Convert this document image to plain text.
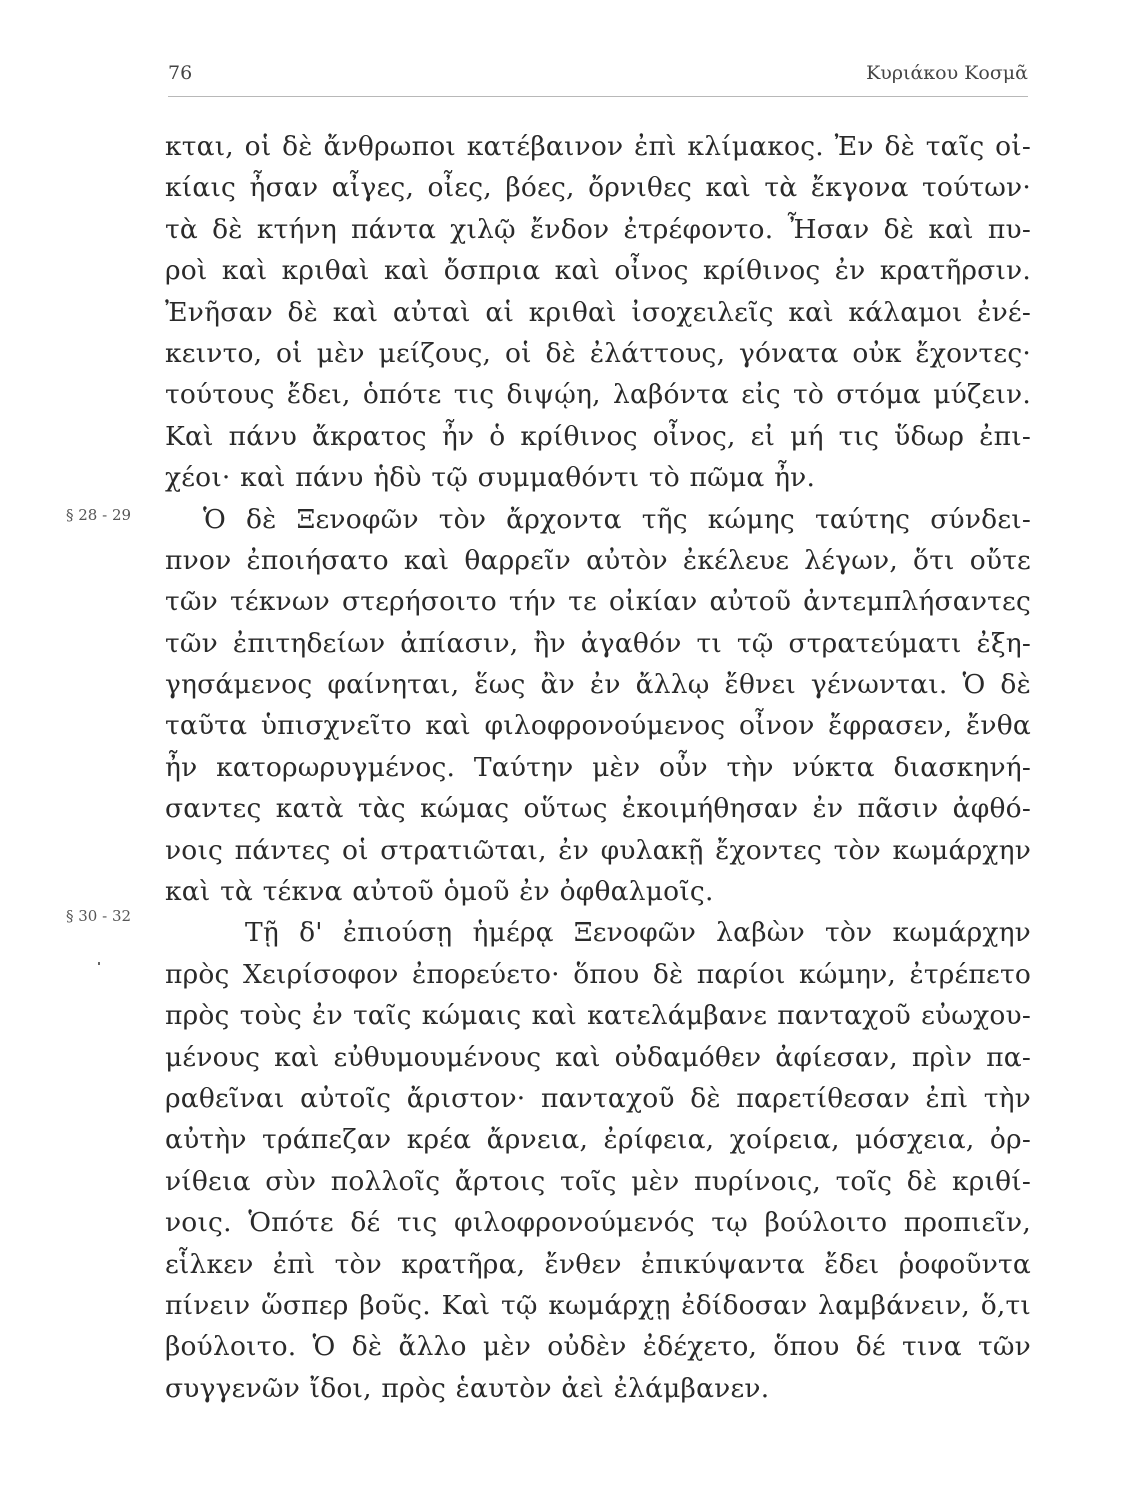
76	Κυριάκου Κοσμᾶ
§ 28 - 29
§ 30 - 32
κται, οἱ δὲ ἄνθρωποι κατέβαινον ἐπὶ κλίμακος. Ἐν δὲ ταῖς οἰ-
κίαις ἦσαν αἶγες, οἶες, βόες, ὄρνιθες καὶ τὰ ἔκγονα τούτων·
τὰ δὲ κτήνη πάντα χιλῷ ἔνδον ἐτρέφοντο. Ἦσαν δὲ καὶ πυ-
ροὶ καὶ κριθαὶ καὶ ὄσπρια καὶ οἶνος κρίθινος ἐν κρατῆρσιν.
Ἐνῆσαν δὲ καὶ αὐταὶ αἱ κριθαὶ ἰσοχειλεῖς καὶ κάλαμοι ἐνέ-
κειντο, οἱ μὲν μείζους, οἱ δὲ ἐλάττους, γόνατα οὐκ ἔχοντες·
τούτους ἔδει, ὁπότε τις διψῴη, λαβόντα εἰς τὸ στόμα μύζειν.
Καὶ πάνυ ἄκρατος ἦν ὁ κρίθινος οἶνος, εἰ μή τις ὕδωρ ἐπι-
χέοι· καὶ πάνυ ἡδὺ τῷ συμμαθόντι τὸ πῶμα ἦν.
Ὁ δὲ Ξενοφῶν τὸν ἄρχοντα τῆς κώμης ταύτης σύνδει-
πνον ἐποιήσατο καὶ θαρρεῖν αὐτὸν ἐκέλευε λέγων, ὅτι οὔτε
τῶν τέκνων στερήσοιτο τήν τε οἰκίαν αὐτοῦ ἀντεμπλήσαντες
τῶν ἐπιτηδείων ἀπίασιν, ἢν ἀγαθόν τι τῷ στρατεύματι ἐξη-
γησάμενος φαίνηται, ἕως ἂν ἐν ἄλλῳ ἔθνει γένωνται. Ὁ δὲ
ταῦτα ὑπισχνεῖτο καὶ φιλοφρονούμενος οἶνον ἔφρασεν, ἔνθα
ἦν κατορωρυγμένος. Ταύτην μὲν οὖν τὴν νύκτα διασκηνή-
σαντες κατὰ τὰς κώμας οὕτως ἐκοιμήθησαν ἐν πᾶσιν ἀφθό-
νοις πάντες οἱ στρατιῶται, ἐν φυλακῇ ἔχοντες τὸν κωμάρχην
καὶ τὰ τέκνα αὐτοῦ ὁμοῦ ἐν ὀφθαλμοῖς.
Τῇ δ' ἐπιούσῃ ἡμέρᾳ Ξενοφῶν λαβὼν τὸν κωμάρχην
πρὸς Χειρίσοφον ἐπορεύετο· ὅπου δὲ παρίοι κώμην, ἐτρέπετο
πρὸς τοὺς ἐν ταῖς κώμαις καὶ κατελάμβανε πανταχοῦ εὐωχου-
μένους καὶ εὐθυμουμένους καὶ οὐδαμόθεν ἀφίεσαν, πρὶν πα-
ραθεῖναι αὐτοῖς ἄριστον· πανταχοῦ δὲ παρετίθεσαν ἐπὶ τὴν
αὐτὴν τράπεζαν κρέα ἄρνεια, ἐρίφεια, χοίρεια, μόσχεια, ὀρ-
νίθεια σὺν πολλοῖς ἄρτοις τοῖς μὲν πυρίνοις, τοῖς δὲ κριθί-
νοις. Ὁπότε δέ τις φιλοφρονούμενός τῳ βούλοιτο προπιεῖν,
εἷλκεν ἐπὶ τὸν κρατῆρα, ἔνθεν ἐπικύψαντα ἔδει ῥοφοῦντα
πίνειν ὥσπερ βοῦς. Καὶ τῷ κωμάρχῃ ἐδίδοσαν λαμβάνειν, ὅ,τι
βούλοιτο. Ὁ δὲ ἄλλο μὲν οὐδὲν ἐδέχετο, ὅπου δέ τινα τῶν
συγγενῶν ἴδοι, πρὸς ἑαυτὸν ἀεὶ ἐλάμβανεν.
